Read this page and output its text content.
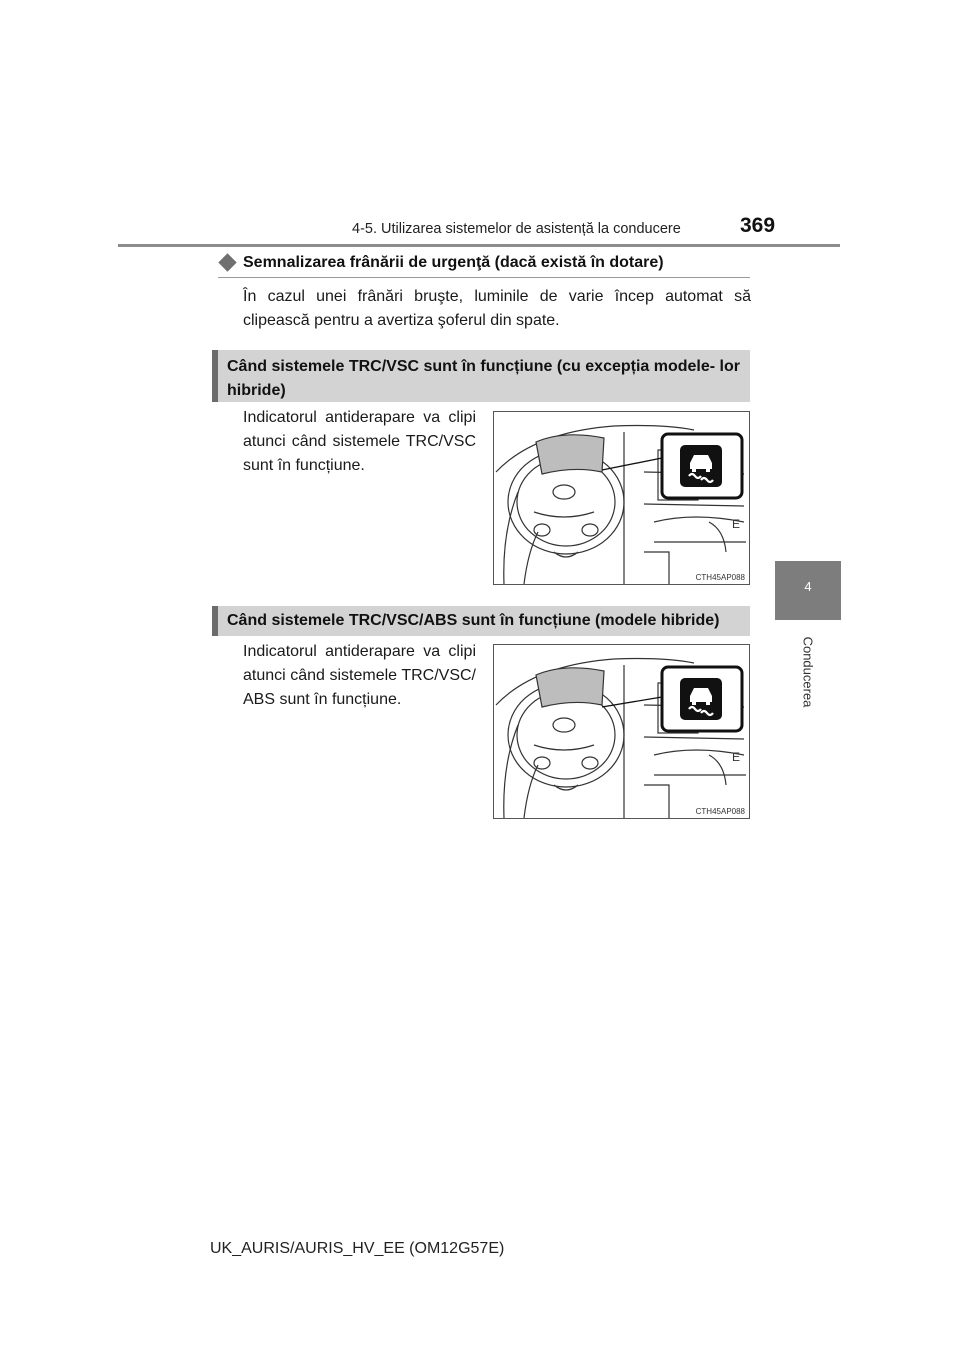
4-5. Utilizarea sistemelor de asistență la conducere	369
4
Conducerea
Semnalizarea frânării de urgenţă (dacă există în dotare)
În cazul unei frânări bruşte, luminile de varie încep automat să clipească pentru a avertiza şoferul din spate.
Când sistemele TRC/VSC sunt în funcțiune (cu excepția modele- lor hibride)
Indicatorul antiderapare va clipi atunci când sistemele TRC/VSC sunt în funcțiune.
E
CTH45AP088
Când sistemele TRC/VSC/ABS sunt în funcțiune (modele hibride)
Indicatorul antiderapare va clipi atunci când sistemele TRC/VSC/ ABS sunt în funcțiune.
E
CTH45AP088
UK_AURIS/AURIS_HV_EE (OM12G57E)
